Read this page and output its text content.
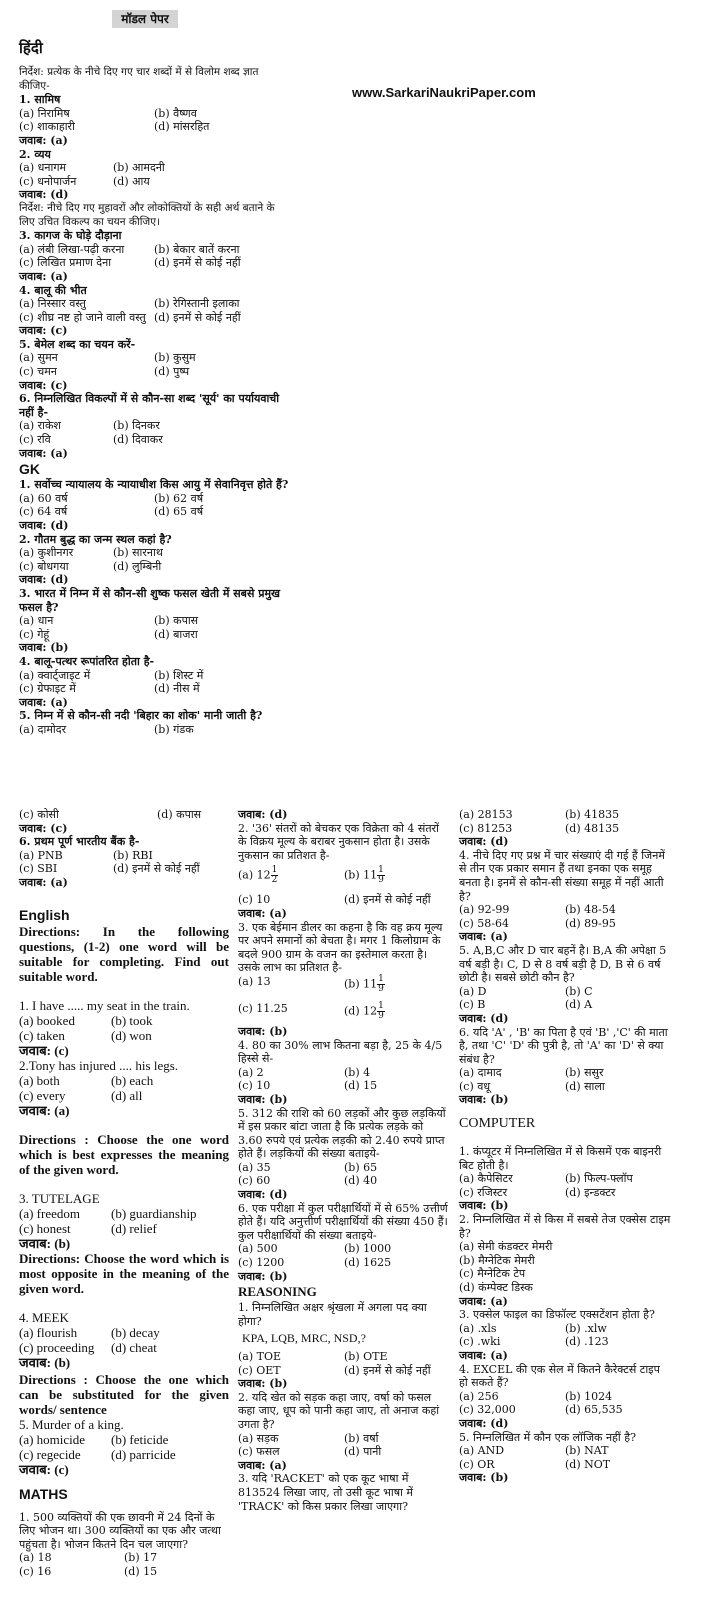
मॉडल पेपर
www.SarkariNaukriPaper.com
हिंदी
निर्देश: प्रत्येक के नीचे दिए गए चार शब्दों में से विलोम शब्द ज्ञात कीजिए-
1. सामिष
(a) निरामिष	(b) वैष्णव
(c) शाकाहारी	(d) मांसरहित
जवाब: (a)
2. व्यय
(a) धनागम	(b) आमदनी
(c) धनोपार्जन	(d) आय
जवाब: (d)
निर्देश: नीचे दिए गए मुहावरों और लोकोक्तियों के सही अर्थ बताने के लिए उचित विकल्प का चयन कीजिए।
3. कागज के घोड़े दौड़ाना
(a) लंबी लिखा-पढ़ी करना	(b) बेकार बातें करना
(c) लिखित प्रमाण देना	(d) इनमें से कोई नहीं
जवाब: (a)
4. बालू की भीत
(a) निस्सार वस्तु	(b) रेगिस्तानी इलाका
(c) शीघ्र नष्ट हो जाने वाली वस्तु (d) इनमें से कोई नहीं
जवाब: (c)
5. बेमेल शब्द का चयन करें-
(a) सुमन	(b) कुसुम
(c) चमन	(d) पुष्प
जवाब: (c)
6. निम्नलिखित विकल्पों में से कौन-सा शब्द 'सूर्य' का पर्यायवाची नहीं है-
(a) राकेश	(b) दिनकर
(c) रवि	(d) दिवाकर
जवाब: (a)
GK
1. सर्वोच्च न्यायालय के न्यायाधीश किस आयु में सेवानिवृत्त होते हैं?
(a) 60 वर्ष	(b) 62 वर्ष
(c) 64 वर्ष	(d) 65 वर्ष
जवाब: (d)
2. गौतम बुद्ध का जन्म स्थल कहां है?
(a) कुशीनगर	(b) सारनाथ
(c) बोधगया	(d) लुम्बिनी
जवाब: (d)
3. भारत में निम्न में से कौन-सी शुष्क फसल खेती में सबसे प्रमुख फसल है?
(a) धान	(b) कपास
(c) गेहूं	(d) बाजरा
जवाब: (b)
4. बालू-पत्थर रूपांतरित होता है-
(a) क्वार्ट्जाइट में	(b) शिस्ट में
(c) ग्रेफाइट में	(d) नीस में
जवाब: (a)
5. निम्न में से कौन-सी नदी 'बिहार का शोक' मानी जाती है?
(a) दामोदर	(b) गंडक
(c) कोसी	(d) कपास
जवाब: (c)
6. प्रथम पूर्ण भारतीय बैंक है-
(a) PNB	(b) RBI
(c) SBI	(d) इनमें से कोई नहीं
जवाब: (a)
English
Directions: In the following questions, (1-2) one word will be suitable for completing. Find out suitable word.
1. I have ..... my seat in the train.
(a) booked	(b) took
(c) taken	(d) won
जवाब: (c)
2.Tony has injured .... his legs.
(a) both	(b) each
(c) every	(d) all
जवाब: (a)
Directions : Choose the one word which is best expresses the meaning of the given word.
3. TUTELAGE
(a) freedom	(b) guardianship
(c) honest	(d) relief
जवाब: (b)
Directions: Choose the word which is most opposite in the meaning of the given word.
4. MEEK
(a) flourish	(b) decay
(c) proceeding	(d) cheat
जवाब: (b)
Directions : Choose the one which can be substituted for the given words/ sentence
5. Murder of a king.
(a) homicide	(b) feticide
(c) regecide	(d) parricide
जवाब: (c)
MATHS
1. 500 व्यक्तियों की एक छावनी में 24 दिनों के लिए भोजन था। 300 व्यक्तियों का एक और जत्था पहुंचता है। भोजन कितने दिन चल जाएगा?
(a) 18	(b) 17
(c) 16	(d) 15
जवाब: (d)
2. '36' संतरों को बेचकर एक विक्रेता को 4 संतरों के विक्रय मूल्य के बराबर नुकसान होता है। उसके नुकसान का प्रतिशत है-
(a) $12 \frac{1}{2}$	(b) $11 \frac{1}{9}$
(c) 10	(d) इनमें से कोई नहीं
जवाब: (a)
3. एक बेईमान डीलर का कहना है कि वह क्रय मूल्य पर अपने समानों को बेचता है। मगर 1 किलोग्राम के बदले 900 ग्राम के वजन का इस्तेमाल करता है। उसके लाभ का प्रतिशत है-
(a) 13	(b) $11 \frac{1}{9}$
(c) 11.25	(d) $12 \frac{1}{9}$
जवाब: (b)
4. 80 का 30% लाभ कितना बड़ा है, 25 के 4/5 हिस्से से-
(a) 2	(b) 4
(c) 10	(d) 15
जवाब: (b)
5. 312 की राशि को 60 लड़कों और कुछ लड़कियों में इस प्रकार बांटा जाता है कि प्रत्येक लड़के को 3.60 रुपये एवं प्रत्येक लड़की को 2.40 रुपये प्राप्त होते हैं। लड़कियों की संख्या बताइये-
(a) 35	(b) 65
(c) 60	(d) 40
जवाब: (d)
6. एक परीक्षा में कुल परीक्षार्थियों में से 65% उत्तीर्ण होते हैं। यदि अनुत्तीर्ण परीक्षार्थियों की संख्या 450 हैं। कुल परीक्षार्थियों की संख्या बताइये-
(a) 500	(b) 1000
(c) 1200	(d) 1625
जवाब: (b)
REASONING
1. निम्नलिखित अक्षर श्रृंखला में अगला पद क्या होगा?
KPA, LQB, MRC, NSD,?
(a) TOE	(b) OTE
(c) OET	(d) इनमें से कोई नहीं
जवाब: (b)
2. यदि खेत को सड़क कहा जाए, वर्षा को फसल कहा जाए, धूप को पानी कहा जाए, तो अनाज कहां उगता है?
(a) सड़क	(b) वर्षा
(c) फसल	(d) पानी
जवाब: (a)
3. यदि 'RACKET' को एक कूट भाषा में 813524 लिखा जाए, तो उसी कूट भाषा में 'TRACK' को किस प्रकार लिखा जाएगा?
(a) 28153	(b) 41835
(c) 81253	(d) 48135
जवाब: (d)
4. नीचे दिए गए प्रश्न में चार संख्याएं दी गई हैं जिनमें से तीन एक प्रकार समान हैं तथा इनका एक समूह बनता है। इनमें से कौन-सी संख्या समूह में नहीं आती है?
(a) 92-99	(b) 48-54
(c) 58-64	(d) 89-95
जवाब: (a)
5. A,B,C और D चार बहनें है। B,A की अपेक्षा 5 वर्ष बड़ी है। C, D से 8 वर्ष बड़ी है D, B से 6 वर्ष छोटी है। सबसे छोटी कौन है?
(a) D	(b) C
(c) B	(d) A
जवाब: (d)
6. यदि 'A' , 'B' का पिता है एवं 'B' ,'C' की माता है, तथा 'C' 'D' की पुत्री है, तो 'A' का 'D' से क्या संबंध है?
(a) दामाद	(b) ससुर
(c) वधू	(d) साला
जवाब: (b)
COMPUTER
1. कंप्यूटर में निम्नलिखित में से किसमें एक बाइनरी बिट होती है।
(a) कैपेसिटर	(b) फिल्प-फ्लॉप
(c) रजिस्टर	(d) इन्डक्टर
जवाब: (b)
2. निम्नलिखित में से किस में सबसे तेज एक्सेस टाइम है?
(a) सेमी कंडक्टर मेमरी
(b) मैग्नेटिक मेमरी
(c) मैग्नेटिक टेप
(d) कंम्पेक्ट डिस्क
जवाब: (a)
3. एक्सेल फाइल का डिफॉल्ट एक्सटेंशन होता है?
(a) .xls	(b) .xlw
(c) .wki	(d) .123
जवाब: (a)
4. EXCEL की एक सेल में कितने कैरेक्टर्स टाइप हो सकते हैं?
(a) 256	(b) 1024
(c) 32,000	(d) 65,535
जवाब: (d)
5. निम्नलिखित में कौन एक लॉजिक नहीं है?
(a) AND	(b) NAT
(c) OR	(d) NOT
जवाब: (b)
